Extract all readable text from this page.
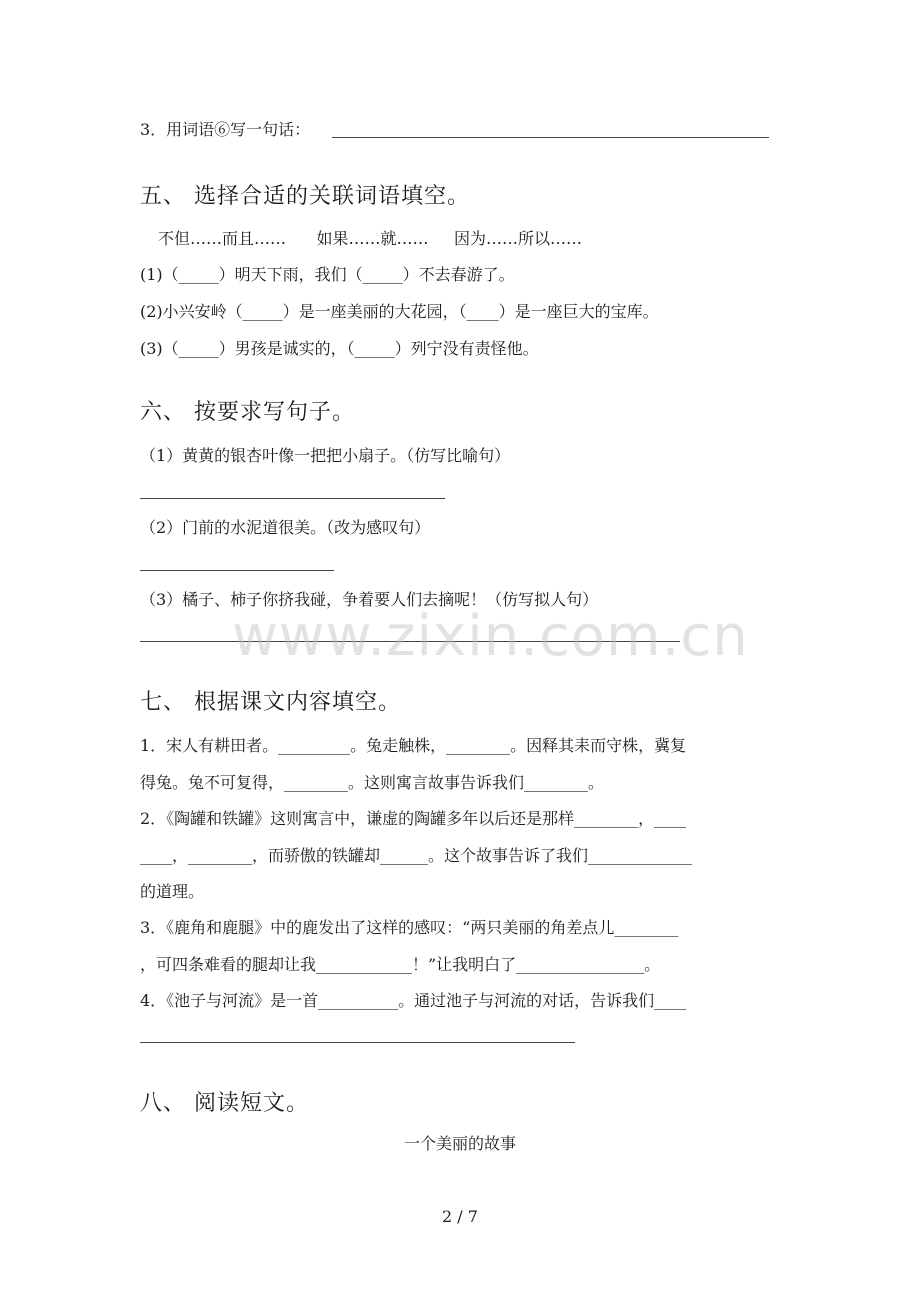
3．用词语⑥写一句话：
五、 选择合适的关联词语填空。
不但……而且……      如果……就……     因为……所以……
(1)（_____）明天下雨，我们（_____）不去春游了。
(2)小兴安岭（_____）是一座美丽的大花园，（____）是一座巨大的宝库。
(3)（_____）男孩是诚实的，（_____）列宁没有责怪他。
六、 按要求写句子。
（1）黄黄的银杏叶像一把把小扇子。（仿写比喻句）
（2）门前的水泥道很美。（改为感叹句）
（3）橘子、柿子你挤我碰，争着要人们去摘呢！（仿写拟人句）
www.zixin.com.cn
七、 根据课文内容填空。
1．宋人有耕田者。_________。兔走触株，________。因释其耒而守株，冀复
得兔。兔不可复得，________。这则寓言故事告诉我们________。
2．《陶罐和铁罐》这则寓言中，谦虚的陶罐多年以后还是那样________，____
____，________，而骄傲的铁罐却______。这个故事告诉了我们_____________
的道理。
3．《鹿角和鹿腿》中的鹿发出了这样的感叹：“两只美丽的角差点儿________
，可四条难看的腿却让我____________！”让我明白了________________。
4．《池子与河流》是一首__________。通过池子与河流的对话，告诉我们____
八、 阅读短文。
一个美丽的故事
2 / 7
